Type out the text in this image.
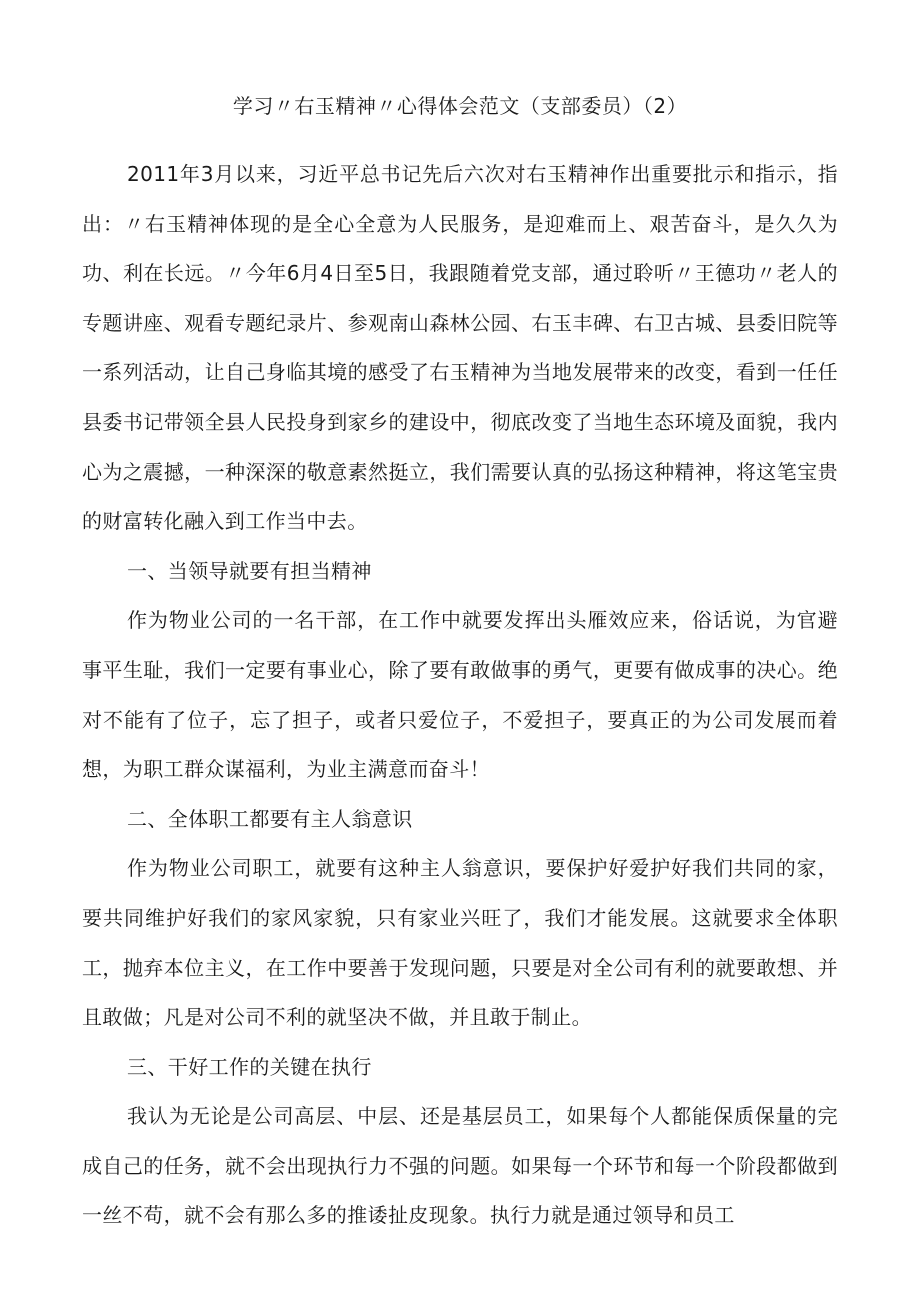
学习〃右玉精神〃心得体会范文（支部委员）（2）

2011年3月以来，习近平总书记先后六次对右玉精神作出重要批示和指示，指出：〃右玉精神体现的是全心全意为人民服务，是迎难而上、艰苦奋斗，是久久为功、利在长远。〃今年6月4日至5日，我跟随着党支部，通过聆听〃王德功〃老人的专题讲座、观看专题纪录片、参观南山森林公园、右玉丰碑、右卫古城、县委旧院等一系列活动，让自己身临其境的感受了右玉精神为当地发展带来的改变，看到一任任县委书记带领全县人民投身到家乡的建设中，彻底改变了当地生态环境及面貌，我内心为之震撼，一种深深的敬意素然挺立，我们需要认真的弘扬这种精神，将这笔宝贵的财富转化融入到工作当中去。

一、当领导就要有担当精神

作为物业公司的一名干部，在工作中就要发挥出头雁效应来，俗话说，为官避事平生耻，我们一定要有事业心，除了要有敢做事的勇气，更要有做成事的决心。绝对不能有了位子，忘了担子，或者只爱位子，不爱担子，要真正的为公司发展而着想，为职工群众谋福利，为业主满意而奋斗！

二、全体职工都要有主人翁意识

作为物业公司职工，就要有这种主人翁意识，要保护好爱护好我们共同的家，要共同维护好我们的家风家貌，只有家业兴旺了，我们才能发展。这就要求全体职工，抛弃本位主义，在工作中要善于发现问题，只要是对全公司有利的就要敢想、并且敢做；凡是对公司不利的就坚决不做，并且敢于制止。

三、干好工作的关键在执行

我认为无论是公司高层、中层、还是基层员工，如果每个人都能保质保量的完成自己的任务，就不会出现执行力不强的问题。如果每一个环节和每一个阶段都做到一丝不苟，就不会有那么多的推诿扯皮现象。执行力就是通过领导和员工
